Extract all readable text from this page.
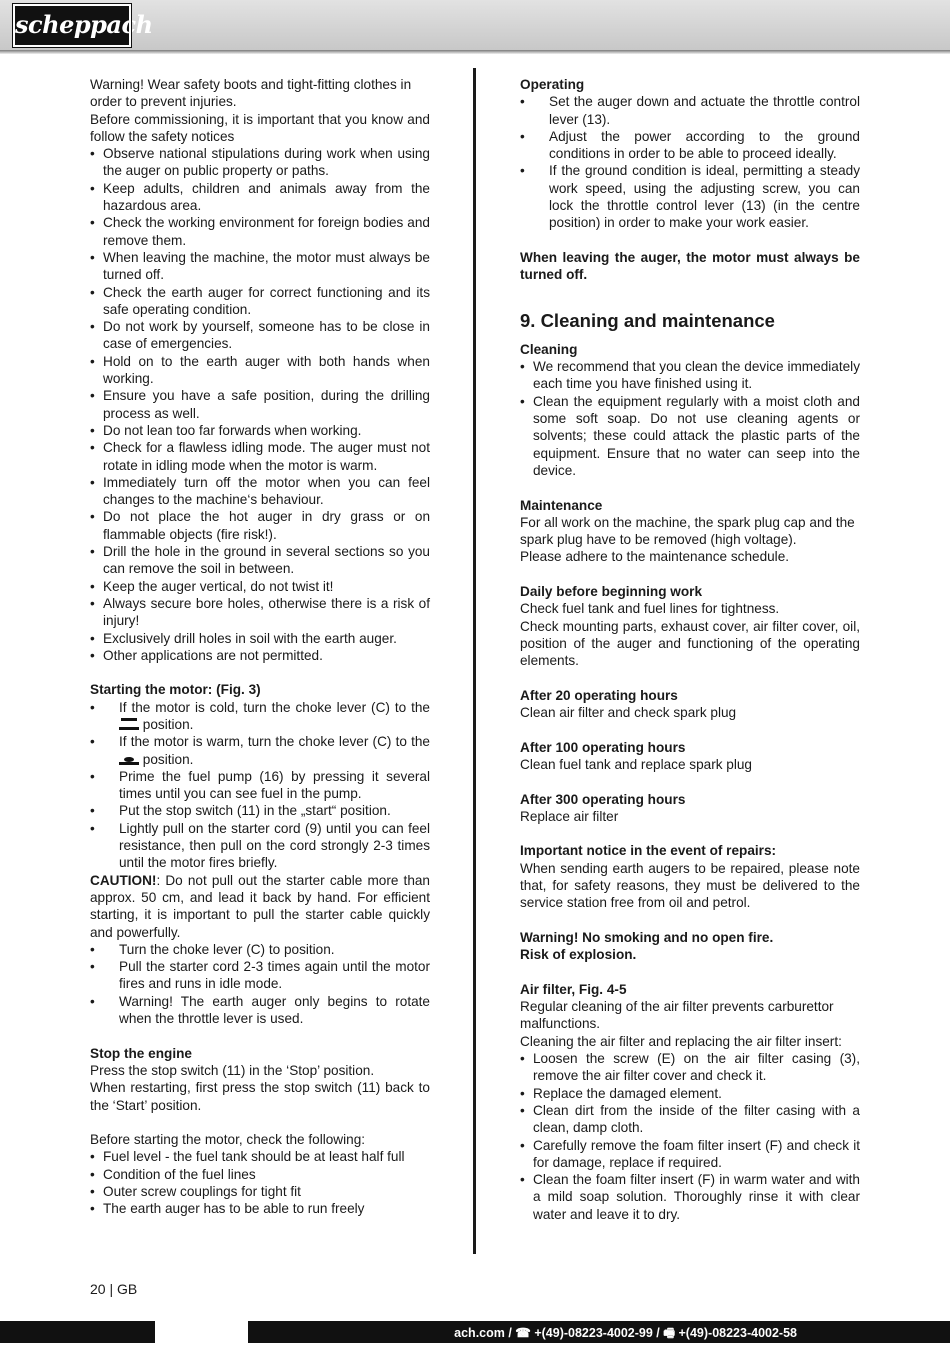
scheppach

Warning! Wear safety boots and tight-fitting clothes in order to prevent injuries.

Before commissioning, it is important that you know and follow the safety notices

• Observe national stipulations during work when using the auger on public property or paths.
• Keep adults, children and animals away from the hazardous area.
• Check the working environment for foreign bodies and remove them.
• When leaving the machine, the motor must always be turned off.
• Check the earth auger for correct functioning and its safe operating condition.
• Do not work by yourself, someone has to be close in case of emergencies.
• Hold on to the earth auger with both hands when working.
• Ensure you have a safe position, during the drilling process as well.
• Do not lean too far forwards when working.
• Check for a flawless idling mode. The auger must not rotate in idling mode when the motor is warm.
• Immediately turn off the motor when you can feel changes to the machine‘s behaviour.
• Do not place the hot auger in dry grass or on flammable objects (fire risk!).
• Drill the hole in the ground in several sections so you can remove the soil in between.
• Keep the auger vertical, do not twist it!
• Always secure bore holes, otherwise there is a risk of injury!
• Exclusively drill holes in soil with the earth auger.
• Other applications are not permitted.

Starting the motor: (Fig. 3)

• If the motor is cold, turn the choke lever (C) to the  position.
• If the motor is warm, turn the choke lever (C) to the  position.
• Prime the fuel pump (16) by pressing it several times until you can see fuel in the pump.
• Put the stop switch (11) in the „start“ position.
• Lightly pull on the starter cord (9) until you can feel resistance, then pull on the cord strongly 2-3 times until the motor fires briefly.

CAUTION!: Do not pull out the starter cable more than approx. 50 cm, and lead it back by hand. For efficient starting, it is important to pull the starter cable quickly and powerfully.

• Turn the choke lever (C) to position.
• Pull the starter cord 2-3 times again until the motor fires and runs in idle mode.
• Warning! The earth auger only begins to rotate when the throttle lever is used.

Stop the engine

Press the stop switch (11) in the ‘Stop’ position.

When restarting, first press the stop switch (11) back to the ‘Start’ position.

Before starting the motor, check the following:

• Fuel level - the fuel tank should be at least half full
• Condition of the fuel lines
• Outer screw couplings for tight fit
• The earth auger has to be able to run freely

Operating

• Set the auger down and actuate the throttle control lever (13).
• Adjust the power according to the ground conditions in order to be able to proceed ideally.
• If the ground condition is ideal, permitting a steady work speed, using the adjusting screw, you can lock the throttle control lever (13) (in the centre position) in order to make your work easier.

When leaving the auger, the motor must always be turned off.

9. Cleaning and maintenance

Cleaning

• We recommend that you clean the device immediately each time you have finished using it.
• Clean the equipment regularly with a moist cloth and some soft soap. Do not use cleaning agents or solvents; these could attack the plastic parts of the equipment. Ensure that no water can seep into the device.

Maintenance

For all work on the machine, the spark plug cap and the spark plug have to be removed (high voltage).

Please adhere to the maintenance schedule.

Daily before beginning work

Check fuel tank and fuel lines for tightness.

Check mounting parts, exhaust cover, air filter cover, oil, position of the auger and functioning of the operating elements.

After 20 operating hours

Clean air filter and check spark plug

After 100 operating hours

Clean fuel tank and replace spark plug

After 300 operating hours

Replace air filter

Important notice in the event of repairs:

When sending earth augers to be repaired, please note that, for safety reasons, they must be delivered to the service station free from oil and petrol.

Warning! No smoking and no open fire.

Risk of explosion.

Air filter, Fig. 4-5

Regular cleaning of the air filter prevents carburettor malfunctions.

Cleaning the air filter and replacing the air filter insert:

• Loosen the screw (E) on the air filter casing (3), remove the air filter cover and check it.
• Replace the damaged element.
• Clean dirt from the inside of the filter casing with a clean, damp cloth.
• Carefully remove the foam filter insert (F) and check it for damage, replace if required.
• Clean the foam filter insert (F) in warm water and with a mild soap solution. Thoroughly rinse it with clear water and leave it to dry.
20 | GB
ach.com / ☎ +(49)-08223-4002-99 / 🖷 +(49)-08223-4002-58
